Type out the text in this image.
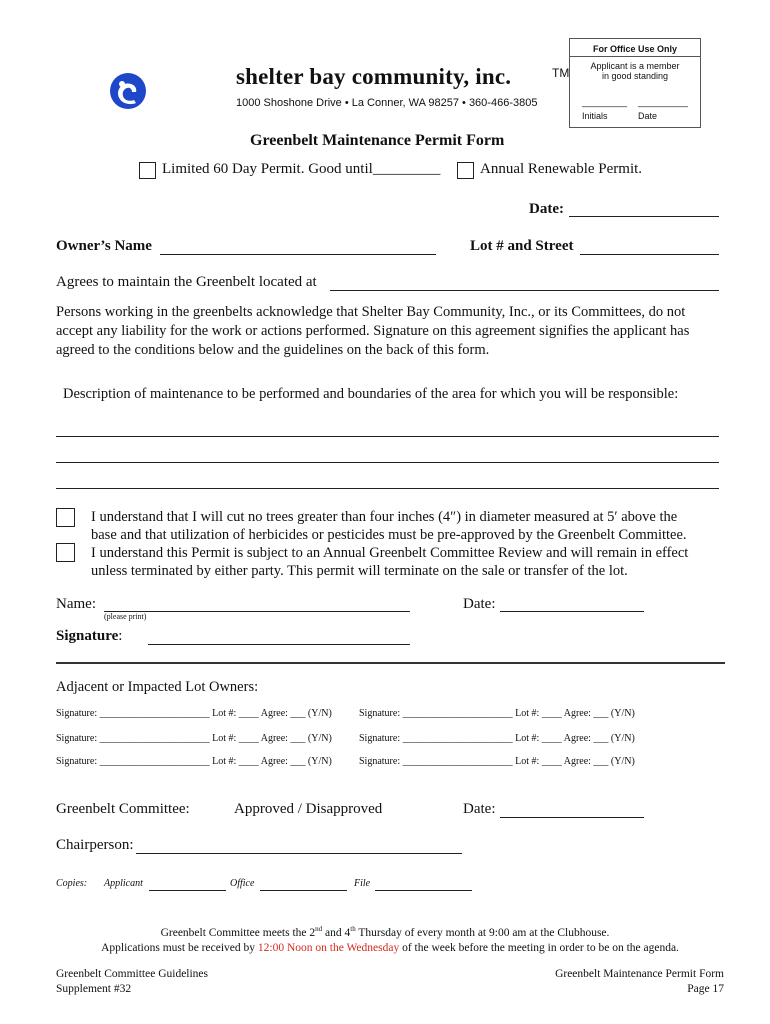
shelter bay community, inc.	TM
1000 Shoshone Drive • La Conner, WA 98257 • 360-466-3805
For Office Use Only
Applicant is a member
in good standing
_________ __________
Initials	Date
Greenbelt Maintenance Permit Form
Limited 60 Day Permit. Good until_________	Annual Renewable Permit.
Date:
Owner’s Name	Lot # and Street
Agrees to maintain the Greenbelt located at
Persons working in the greenbelts acknowledge that Shelter Bay Community, Inc., or its Committees, do not
accept any liability for the work or actions performed. Signature on this agreement signifies the applicant has
agreed to the conditions below and the guidelines on the back of this form.
Description of maintenance to be performed and boundaries of the area for which you will be responsible:
I understand that I will cut no trees greater than four inches (4″) in diameter measured at 5′ above the
base and that utilization of herbicides or pesticides must be pre-approved by the Greenbelt Committee.
I understand this Permit is subject to an Annual Greenbelt Committee Review and will remain in effect
unless terminated by either party. This permit will terminate on the sale or transfer of the lot.
Name:
(please print)
Date:
Signature:
Adjacent or Impacted Lot Owners:
Signature: ______________________ Lot #: ____ Agree: ___ (Y/N)	Signature: ______________________ Lot #: ____ Agree: ___ (Y/N)
Signature: ______________________ Lot #: ____ Agree: ___ (Y/N)	Signature: ______________________ Lot #: ____ Agree: ___ (Y/N)
Signature: ______________________ Lot #: ____ Agree: ___ (Y/N)	Signature: ______________________ Lot #: ____ Agree: ___ (Y/N)
Greenbelt Committee:	Approved / Disapproved	Date:
Chairperson:
Copies: Applicant	Office	File
Greenbelt Committee meets the 2nd and 4th Thursday of every month at 9:00 am at the Clubhouse.
Applications must be received by 12:00 Noon on the Wednesday of the week before the meeting in order to be on the agenda.
Greenbelt Committee Guidelines
Supplement #32
Greenbelt Maintenance Permit Form
Page 17
